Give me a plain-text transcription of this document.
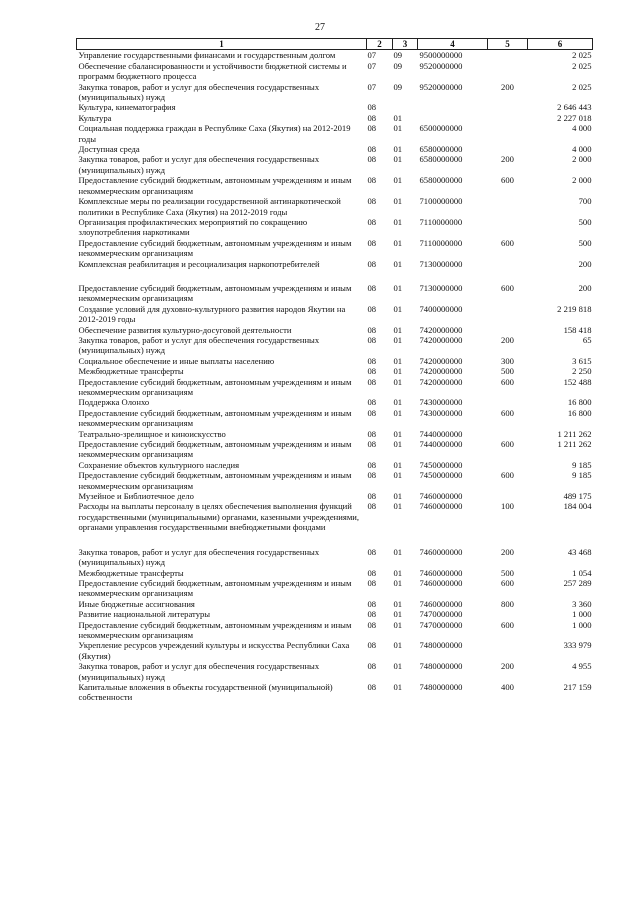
27
1	2	3	4	5	6
Управление государственными финансами и государственным долгом	07	09	9500000000		2 025
Обеспечение сбалансированности и устойчивости бюджетной системы и программ бюджетного процесса	07	09	9520000000		2 025
Закупка товаров, работ и услуг для обеспечения государственных (муниципальных) нужд	07	09	9520000000	200	2 025
Культура, кинематография	08				2 646 443
Культура	08	01			2 227 018
Социальная поддержка граждан в Республике Саха (Якутия) на 2012-2019 годы	08	01	6500000000		4 000
Доступная среда	08	01	6580000000		4 000
Закупка товаров, работ и услуг для обеспечения государственных (муниципальных) нужд	08	01	6580000000	200	2 000
Предоставление субсидий бюджетным, автономным учреждениям и иным некоммерческим организациям	08	01	6580000000	600	2 000
Комплексные меры по реализации государственной антинаркотической политики в Республике Саха (Якутия) на 2012-2019 годы	08	01	7100000000		700
Организация профилактических мероприятий по сокращению злоупотребления наркотиками	08	01	7110000000		500
Предоставление субсидий бюджетным, автономным учреждениям и иным некоммерческим организациям	08	01	7110000000	600	500
Комплексная реабилитация и ресоциализация наркопотребителей	08	01	7130000000		200

Предоставление субсидий бюджетным, автономным учреждениям и иным некоммерческим организациям	08	01	7130000000	600	200
Создание условий для духовно-культурного развития народов Якутии на 2012-2019 годы	08	01	7400000000		2 219 818
Обеспечение развития культурно-досуговой деятельности	08	01	7420000000		158 418
Закупка товаров, работ и услуг для обеспечения государственных (муниципальных) нужд	08	01	7420000000	200	65
Социальное обеспечение и иные выплаты населению	08	01	7420000000	300	3 615
Межбюджетные трансферты	08	01	7420000000	500	2 250
Предоставление субсидий бюджетным, автономным учреждениям и иным некоммерческим организациям	08	01	7420000000	600	152 488
Поддержка Олонхо	08	01	7430000000		16 800
Предоставление субсидий бюджетным, автономным учреждениям и иным некоммерческим организациям	08	01	7430000000	600	16 800
Театрально-зрелищное и киноискусство	08	01	7440000000		1 211 262
Предоставление субсидий бюджетным, автономным учреждениям и иным некоммерческим организациям	08	01	7440000000	600	1 211 262
Сохранение объектов культурного наследия	08	01	7450000000		9 185
Предоставление субсидий бюджетным, автономным учреждениям и иным некоммерческим организациям	08	01	7450000000	600	9 185
Музейное и Библиотечное дело	08	01	7460000000		489 175
Расходы на выплаты персоналу в целях обеспечения выполнения функций государственными (муниципальными) органами, казенными учреждениями, органами управления государственными внебюджетными фондами	08	01	7460000000	100	184 004

Закупка товаров, работ и услуг для обеспечения государственных (муниципальных) нужд	08	01	7460000000	200	43 468
Межбюджетные трансферты	08	01	7460000000	500	1 054
Предоставление субсидий бюджетным, автономным учреждениям и иным некоммерческим организациям	08	01	7460000000	600	257 289
Иные бюджетные ассигнования	08	01	7460000000	800	3 360
Развитие национальной литературы	08	01	7470000000		1 000
Предоставление субсидий бюджетным, автономным учреждениям и иным некоммерческим организациям	08	01	7470000000	600	1 000
Укрепление ресурсов учреждений культуры и искусства Республики Саха (Якутия)	08	01	7480000000		333 979
Закупка товаров, работ и услуг для обеспечения государственных (муниципальных) нужд	08	01	7480000000	200	4 955
Капитальные вложения в объекты государственной (муниципальной) собственности	08	01	7480000000	400	217 159
